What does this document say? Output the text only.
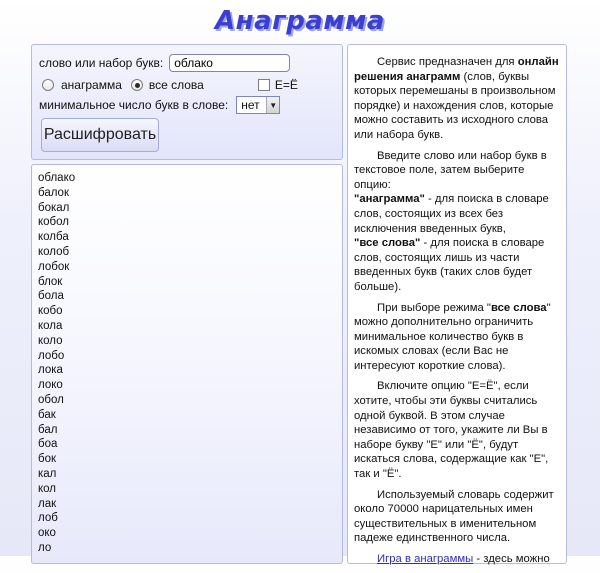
Анаграмма
слово или набор букв:
облако
анаграмма все слова	Е=Ё
минимальное число букв в слове: нет	▼
Расшифровать
облако
балок
бокал
кобол
колба
колоб
лобок
блок
бола
кобо
кола
коло
лобо
лока
локо
обол
бак
бал
боа
бок
кал
кол
лак
лоб
око
ло

Сервис предназначен для онлайн решения анаграмм (слов, буквы которых перемешаны в произвольном порядке) и нахождения слов, которые можно составить из исходного слова или набора букв.

Введите слово или набор букв в текстовое поле, затем выберите опцию:
"анаграмма" - для поиска в словаре слов, состоящих из всех без исключения введенных букв,
"все слова" - для поиска в словаре слов, состоящих лишь из части введенных букв (таких слов будет больше).

При выборе режима "все слова" можно дополнительно ограничить минимальное количество букв в искомых словах (если Вас не интересуют короткие слова).

Включите опцию "Е=Ё", если хотите, чтобы эти буквы считались одной буквой. В этом случае независимо от того, укажите ли Вы в наборе букву "Е" или "Ё", будут искаться слова, содержащие как "Е", так и "Ё".

Используемый словарь содержит около 70000 нарицательных имен существительных в именительном падеже единственного числа.

Игра в анаграммы - здесь можно
